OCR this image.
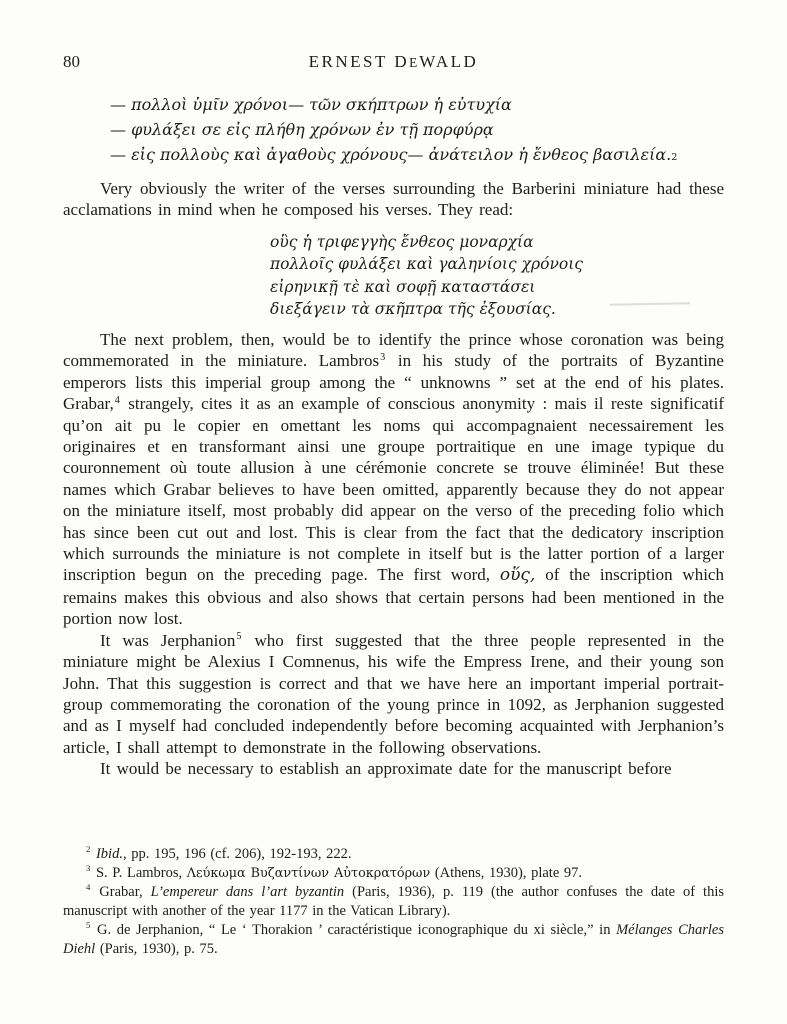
80	ERNEST DEWALD
— πολλοὶ ὑμῖν χρόνοι — τῶν σκήπτρων ἡ εὐτυχία
— φυλάξει σε εἰς πλήθη χρόνων ἐν τῇ πορφύρᾳ
— εἰς πολλοὺς καὶ ἀγαθοὺς χρόνους — ἀνάτειλον ἡ ἔνθεος βασιλεία. 2

Very obviously the writer of the verses surrounding the Barberini miniature had these acclamations in mind when he composed his verses. They read:

οὓς ἡ τριφεγγὴς ἔνθεος μοναρχία
πολλοῖς φυλάξει καὶ γαληνίοις χρόνοις
εἰρηνικῇ τὲ καὶ σοφῇ καταστάσει
διεξάγειν τὰ σκῆπτρα τῆς ἐξουσίας.

The next problem, then, would be to identify the prince whose coronation was being commemorated in the miniature. Lambros$^3$ in his study of the portraits of Byzantine emperors lists this imperial group among the “ unknowns ” set at the end of his plates. Grabar,$^4$ strangely, cites it as an example of conscious anonymity : mais il reste significatif qu’on ait pu le copier en omettant les noms qui accompagnaient necessairement les originaires et en transformant ainsi une groupe portraitique en une image typique du couronnement où toute allusion à une cérémonie concrete se trouve éliminée! But these names which Grabar believes to have been omitted, apparently because they do not appear on the miniature itself, most probably did appear on the verso of the preceding folio which has since been cut out and lost. This is clear from the fact that the dedicatory inscription which surrounds the miniature is not complete in itself but is the latter portion of a larger inscription begun on the preceding page. The first word, οὕς, of the inscription which remains makes this obvious and also shows that certain persons had been mentioned in the portion now lost.

It was Jerphanion$^5$ who first suggested that the three people represented in the miniature might be Alexius I Comnenus, his wife the Empress Irene, and their young son John. That this suggestion is correct and that we have here an important imperial portrait-group commemorating the coronation of the young prince in 1092, as Jerphanion suggested and as I myself had concluded independently before becoming acquainted with Jerphanion’s article, I shall attempt to demonstrate in the following observations.

It would be necessary to establish an approximate date for the manuscript before

$^2$ Ibid., pp. 195, 196 (cf. 206), 192-193, 222.

$^3$ S. P. Lambros, Λεύκωμα Βυζαντίνων Αὐτοκρατόρων (Athens, 1930), plate 97.

$^4$ Grabar, L’empereur dans l’art byzantin (Paris, 1936), p. 119 (the author confuses the date of this manuscript with another of the year 1177 in the Vatican Library).

$^5$ G. de Jerphanion, “ Le ‘ Thorakion ’ caractéristique iconographique du xi siècle,” in Mélanges Charles Diehl (Paris, 1930), p. 75.
